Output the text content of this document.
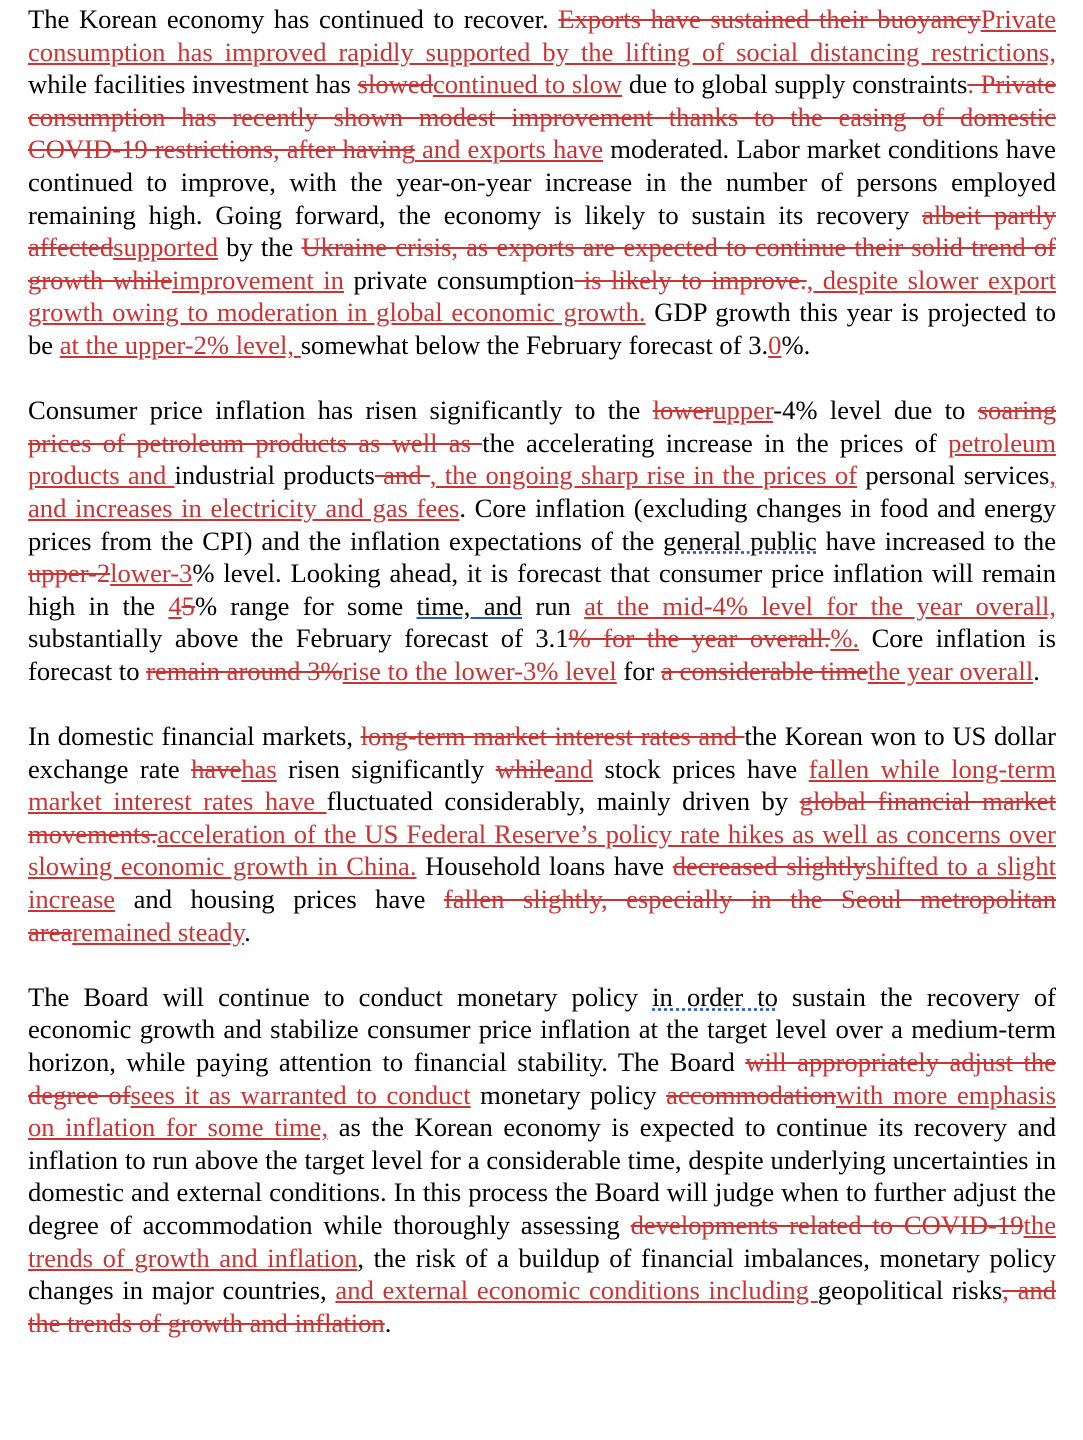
The Korean economy has continued to recover. Exports have sustained their buoyancyPrivate consumption has improved rapidly supported by the lifting of social distancing restrictions, while facilities investment has slowedcontinued to slow due to global supply constraints. Private consumption has recently shown modest improvement thanks to the easing of domestic COVID-19 restrictions, after having and exports have moderated. Labor market conditions have continued to improve, with the year-on-year increase in the number of persons employed remaining high. Going forward, the economy is likely to sustain its recovery albeit partly affectedsupported by the Ukraine crisis, as exports are expected to continue their solid trend of growth whileimprovement in private consumption is likely to improve., despite slower export growth owing to moderation in global economic growth. GDP growth this year is projected to be at the upper-2% level, somewhat below the February forecast of 3.0%.

Consumer price inflation has risen significantly to the lowerupper-4% level due to soaring prices of petroleum products as well as the accelerating increase in the prices of petroleum products and industrial products and , the ongoing sharp rise in the prices of personal services, and increases in electricity and gas fees. Core inflation (excluding changes in food and energy prices from the CPI) and the inflation expectations of the general public have increased to the upper-2lower-3% level. Looking ahead, it is forecast that consumer price inflation will remain high in the 45% range for some time, and run at the mid-4% level for the year overall, substantially above the February forecast of 3.1% for the year overall.%. Core inflation is forecast to remain around 3%rise to the lower-3% level for a considerable timethe year overall.

In domestic financial markets, long-term market interest rates and the Korean won to US dollar exchange rate havehas risen significantly whileand stock prices have fallen while long-term market interest rates have fluctuated considerably, mainly driven by global financial market movements.acceleration of the US Federal Reserve’s policy rate hikes as well as concerns over slowing economic growth in China. Household loans have decreased slightlyshifted to a slight increase and housing prices have fallen slightly, especially in the Seoul metropolitan arearemained steady.

The Board will continue to conduct monetary policy in order to sustain the recovery of economic growth and stabilize consumer price inflation at the target level over a medium-term horizon, while paying attention to financial stability. The Board will appropriately adjust the degree ofsees it as warranted to conduct monetary policy accommodationwith more emphasis on inflation for some time, as the Korean economy is expected to continue its recovery and inflation to run above the target level for a considerable time, despite underlying uncertainties in domestic and external conditions. In this process the Board will judge when to further adjust the degree of accommodation while thoroughly assessing developments related to COVID-19the trends of growth and inflation, the risk of a buildup of financial imbalances, monetary policy changes in major countries, and external economic conditions including geopolitical risks, and the trends of growth and inflation.
